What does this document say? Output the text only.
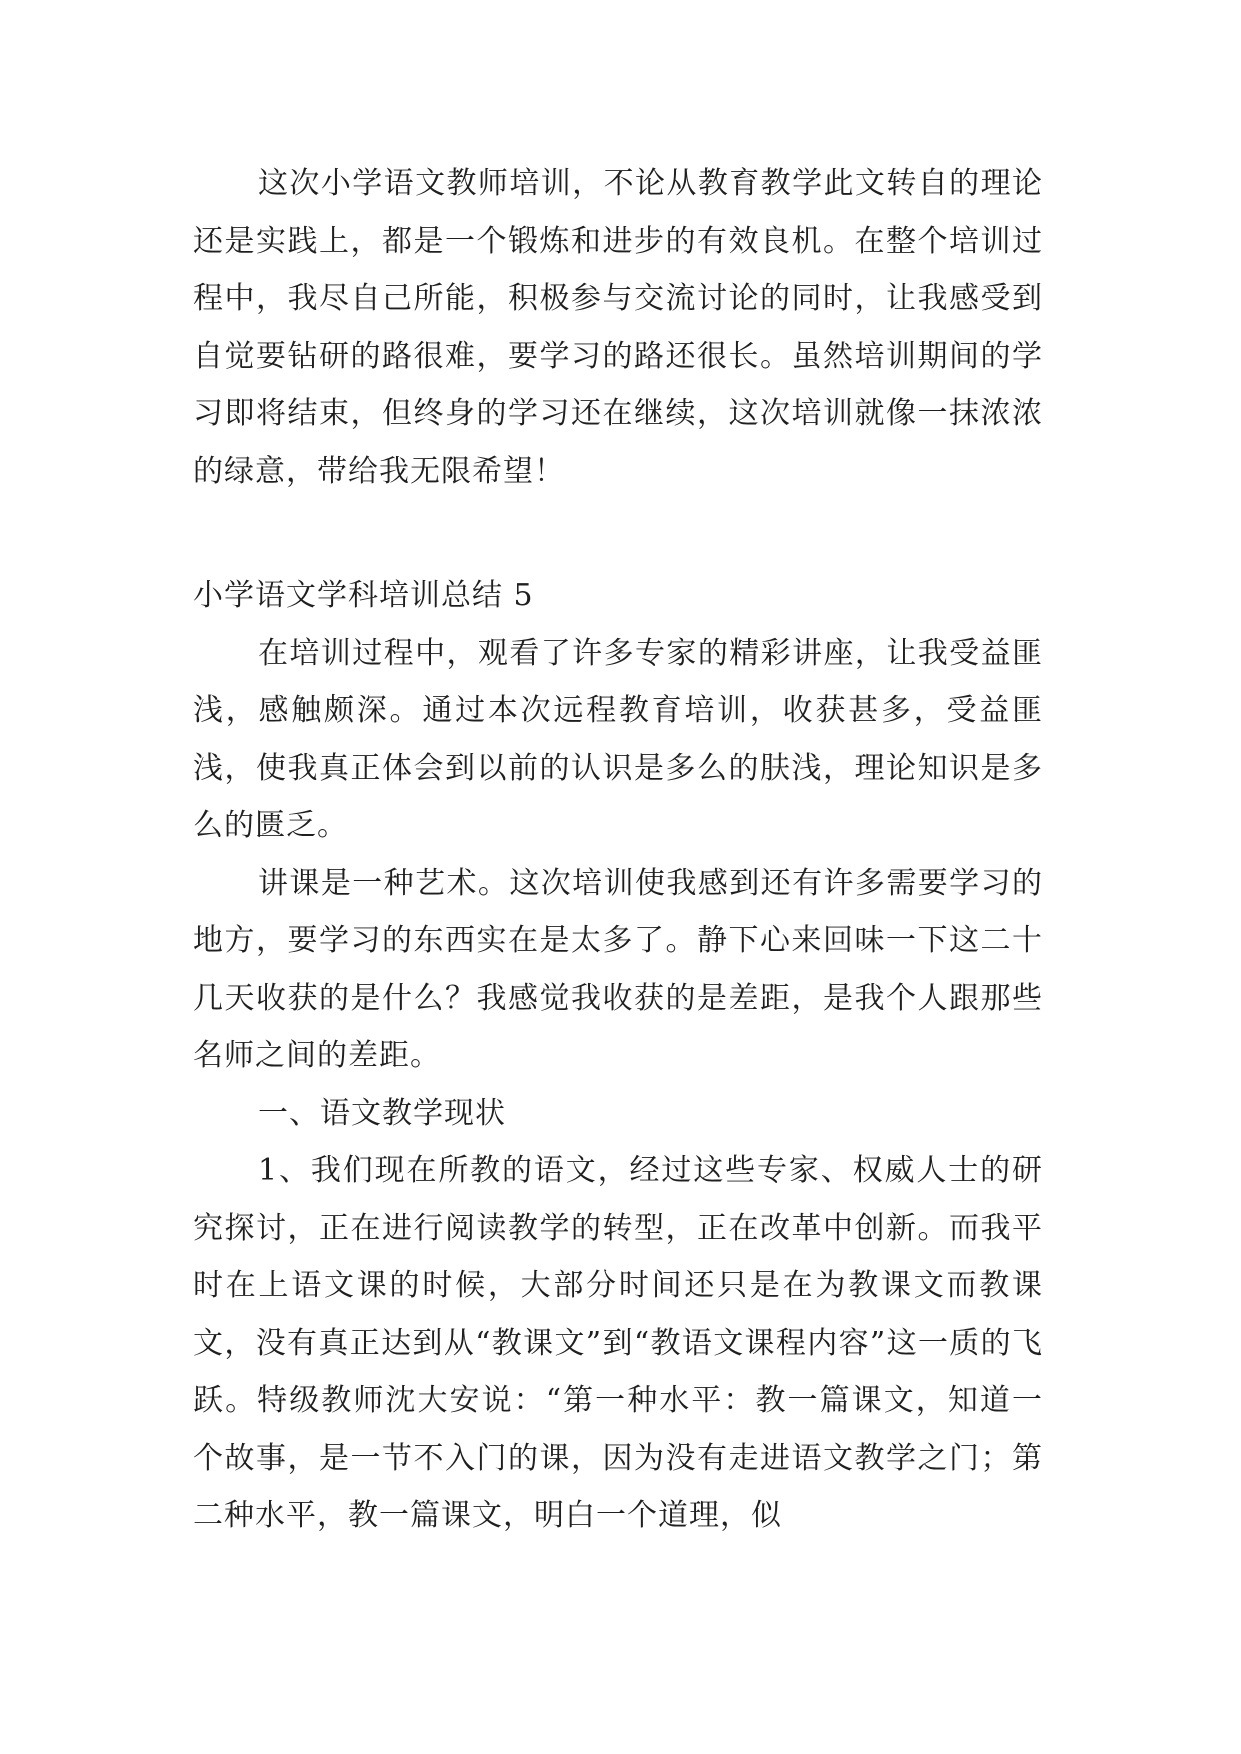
这次小学语文教师培训，不论从教育教学此文转自的理论还是实践上，都是一个锻炼和进步的有效良机。在整个培训过程中，我尽自己所能，积极参与交流讨论的同时，让我感受到自觉要钻研的路很难，要学习的路还很长。虽然培训期间的学习即将结束，但终身的学习还在继续，这次培训就像一抹浓浓的绿意，带给我无限希望！

小学语文学科培训总结 5

在培训过程中，观看了许多专家的精彩讲座，让我受益匪浅，感触颇深。通过本次远程教育培训，收获甚多，受益匪浅，使我真正体会到以前的认识是多么的肤浅，理论知识是多么的匮乏。

讲课是一种艺术。这次培训使我感到还有许多需要学习的地方，要学习的东西实在是太多了。静下心来回味一下这二十几天收获的是什么？我感觉我收获的是差距，是我个人跟那些名师之间的差距。

一、语文教学现状

1、我们现在所教的语文，经过这些专家、权威人士的研究探讨，正在进行阅读教学的转型，正在改革中创新。而我平时在上语文课的时候，大部分时间还只是在为教课文而教课文，没有真正达到从“教课文”到“教语文课程内容”这一质的飞跃。特级教师沈大安说：“第一种水平：教一篇课文，知道一个故事，是一节不入门的课，因为没有走进语文教学之门；第二种水平，教一篇课文，明白一个道理，似
